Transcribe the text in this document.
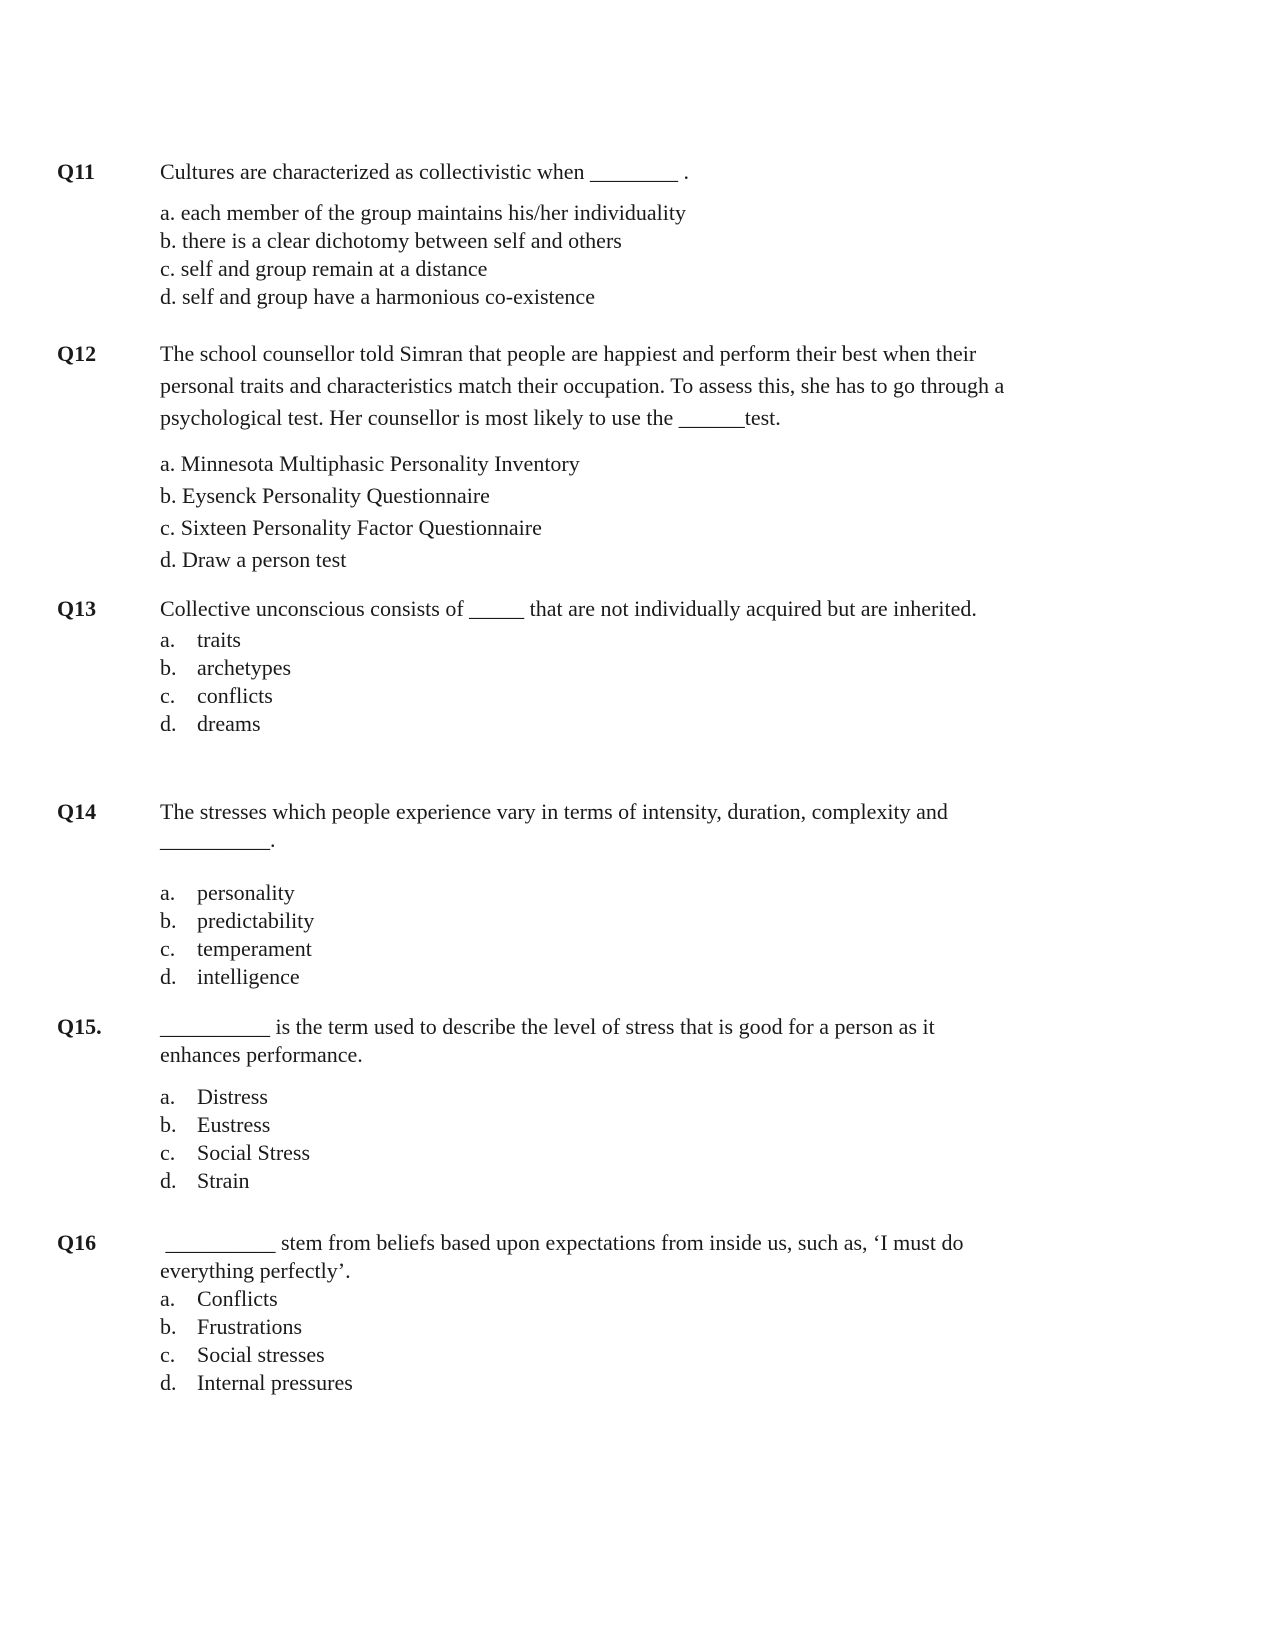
Q11	Cultures are characterized as collectivistic when ________ .
a. each member of the group maintains his/her individuality
b. there is a clear dichotomy between self and others
c. self and group remain at a distance
d. self and group have a harmonious co-existence
Q12	The school counsellor told Simran that people are happiest and perform their best when their
personal traits and characteristics match their occupation. To assess this, she has to go through a
psychological test. Her counsellor is most likely to use the ______test.
a. Minnesota Multiphasic Personality Inventory
b. Eysenck Personality Questionnaire
c. Sixteen Personality Factor Questionnaire
d. Draw a person test
Q13	Collective unconscious consists of _____ that are not individually acquired but are inherited.
a. traits
b. archetypes
c. conflicts
d. dreams
Q14	The stresses which people experience vary in terms of intensity, duration, complexity and
__________.
a. personality
b. predictability
c. temperament
d. intelligence
Q15.	__________ is the term used to describe the level of stress that is good for a person as it
enhances performance.
a. Distress
b. Eustress
c. Social Stress
d. Strain
Q16	__________ stem from beliefs based upon expectations from inside us, such as, ‘I must do
everything perfectly’.
a. Conflicts
b. Frustrations
c. Social stresses
d. Internal pressures
